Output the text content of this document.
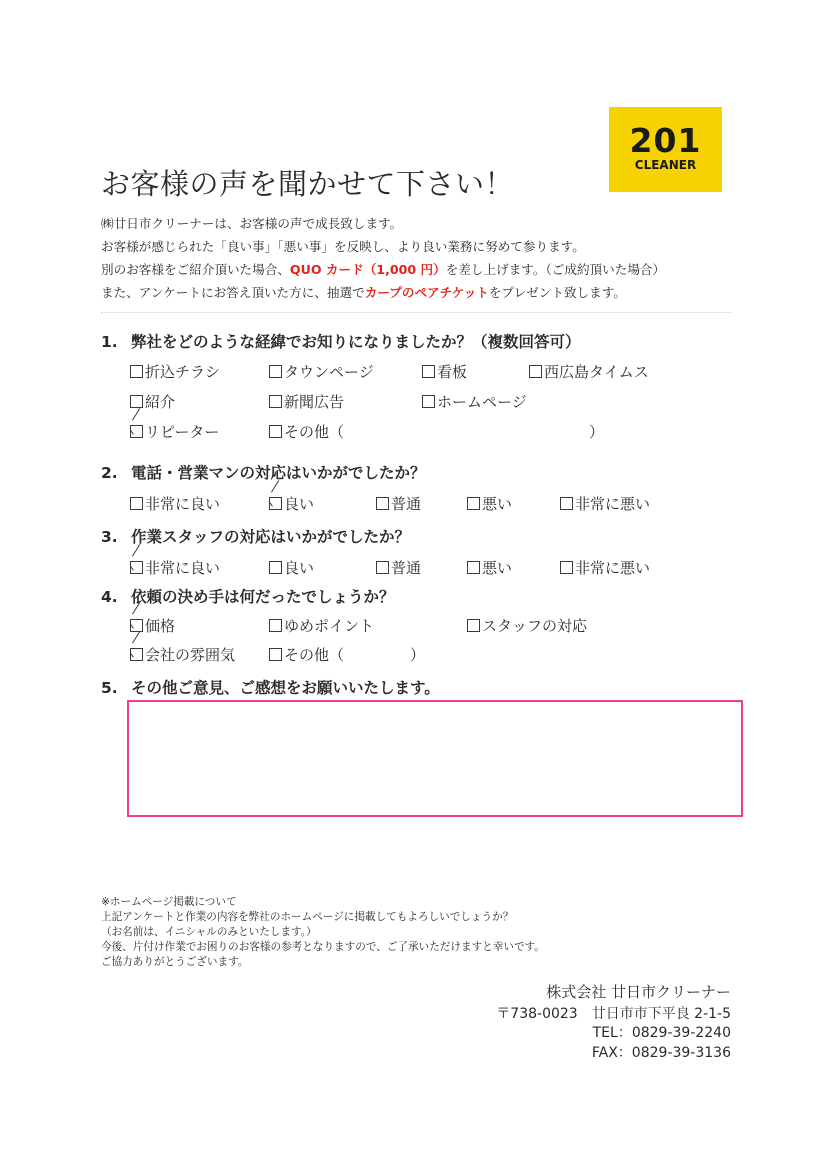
201
CLEANER
お客様の声を聞かせて下さい！
㈱廿日市クリーナーは、お客様の声で成長致します。
お客様が感じられた「良い事」「悪い事」を反映し、より良い業務に努めて参ります。
別のお客様をご紹介頂いた場合、QUO カード（1,000 円）を差し上げます。（ご成約頂いた場合）
また、アンケートにお答え頂いた方に、抽選でカープのペアチケットをプレゼント致します。
1. 弊社をどのような経緯でお知りになりましたか？（複数回答可）
折込チラシ	タウンページ	看板	西広島タイムス
紹介	新聞広告	ホームページ
リピーター	その他（	）
2. 電話・営業マンの対応はいかがでしたか？
非常に良い	良い	普通	悪い	非常に悪い
3. 作業スタッフの対応はいかがでしたか？
非常に良い	良い	普通	悪い	非常に悪い
4. 依頼の決め手は何だったでしょうか？
価格	ゆめポイント	スタッフの対応
会社の雰囲気	その他（	）
5. その他ご意見、ご感想をお願いいたします。
※ホームページ掲載について
上記アンケートと作業の内容を弊社のホームページに掲載してもよろしいでしょうか？
（お名前は、イニシャルのみといたします。）
今後、片付け作業でお困りのお客様の参考となりますので、ご了承いただけますと幸いです。
ご協力ありがとうございます。
株式会社 廿日市クリーナー
〒738-0023　廿日市市下平良 2-1-5
TEL：0829-39-2240
FAX：0829-39-3136
